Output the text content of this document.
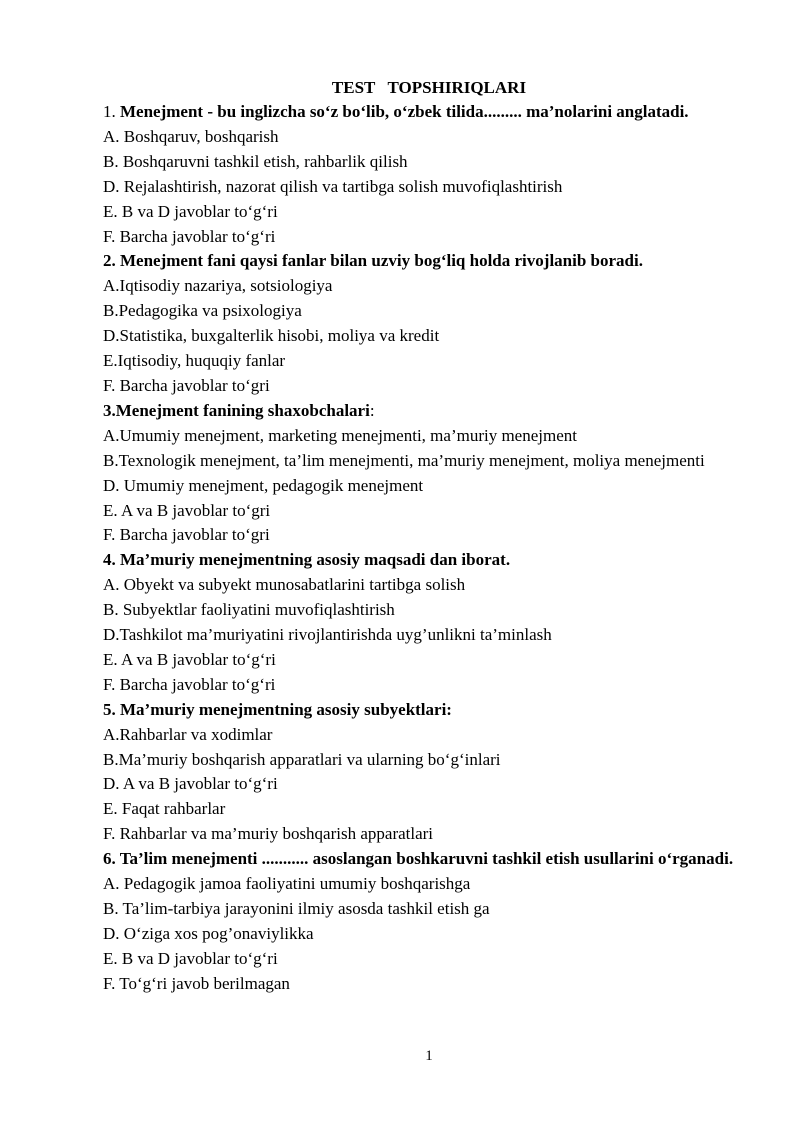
TEST   TOPSHIRIQLARI
1. Menejment - bu inglizcha so‘z bo‘lib, o‘zbek tilida......... ma’nolarini anglatadi.
A. Boshqaruv, boshqarish
B. Boshqaruvni tashkil etish, rahbarlik qilish
D. Rejalashtirish, nazorat qilish va tartibga solish muvofiqlashtirish
E. B va D javoblar to‘g‘ri
F. Barcha javoblar to‘g‘ri
2. Menejment fani qaysi fanlar bilan uzviy bog‘liq holda rivojlanib boradi.
A.Iqtisodiy nazariya, sotsiologiya
B.Pedagogika va psixologiya
D.Statistika, buxgalterlik hisobi, moliya va kredit
E.Iqtisodiy, huquqiy fanlar
F. Barcha javoblar to‘gri
3.Menejment fanining shaxobchalari:
A.Umumiy menejment, marketing menejmenti, ma’muriy menejment
B.Texnologik menejment, ta’lim menejmenti, ma’muriy menejment, moliya menejmenti
D. Umumiy menejment, pedagogik menejment
E. A va B javoblar to‘gri
F. Barcha javoblar to‘gri
4. Ma’muriy menejmentning asosiy maqsadi dan iborat.
A. Obyekt va subyekt munosabatlarini tartibga solish
B. Subyektlar faoliyatini muvofiqlashtirish
D.Tashkilot ma’muriyatini rivojlantirishda uyg’unlikni ta’minlash
E. A va B javoblar to‘g‘ri
F. Barcha javoblar to‘g‘ri
5. Ma’muriy menejmentning asosiy subyektlari:
A.Rahbarlar va xodimlar
B.Ma’muriy boshqarish apparatlari va ularning bo‘g‘inlari
D. A va B javoblar to‘g‘ri
E. Faqat rahbarlar
F. Rahbarlar va ma’muriy boshqarish apparatlari
6. Ta’lim menejmenti ........... asoslangan boshkaruvni tashkil etish usullarini o‘rganadi.
A. Pedagogik jamoa faoliyatini umumiy boshqarishga
B. Ta’lim-tarbiya jarayonini ilmiy asosda tashkil etish ga
D. O‘ziga xos pog’onaviylikka
E. B va D javoblar to‘g‘ri
F. To‘g‘ri javob berilmagan
1
